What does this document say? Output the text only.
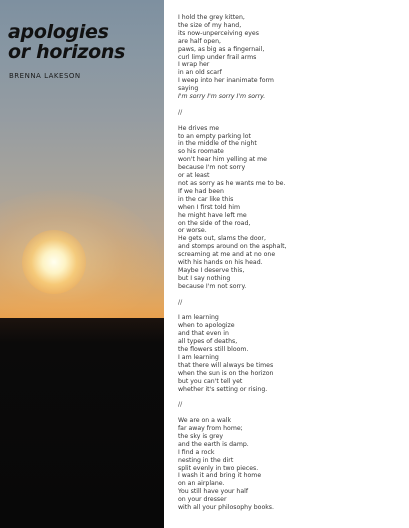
apologies
or horizons
BRENNA LAKESON
I hold the grey kitten,
the size of my hand,
its now-unperceiving eyes
are half open,
paws, as big as a fingernail,
curl limp under frail arms
I wrap her
in an old scarf
I weep into her inanimate form
saying
I'm sorry I'm sorry I'm sorry.
//
He drives me
to an empty parking lot
in the middle of the night
so his roomate
won't hear him yelling at me
because I'm not sorry
or at least
not as sorry as he wants me to be.
If we had been
in the car like this
when I first told him
he might have left me
on the side of the road,
or worse.
He gets out, slams the door,
and stomps around on the asphalt,
screaming at me and at no one
with his hands on his head.
Maybe I deserve this,
but I say nothing
because I'm not sorry.
//
I am learning
when to apologize
and that even in
all types of deaths,
the flowers still bloom.
I am learning
that there will always be times
when the sun is on the horizon
but you can't tell yet
whether it's setting or rising.
//
We are on a walk
far away from home;
the sky is grey
and the earth is damp.
I find a rock
nesting in the dirt
split evenly in two pieces.
I wash it and bring it home
on an airplane.
You still have your half
on your dresser
with all your philosophy books.
